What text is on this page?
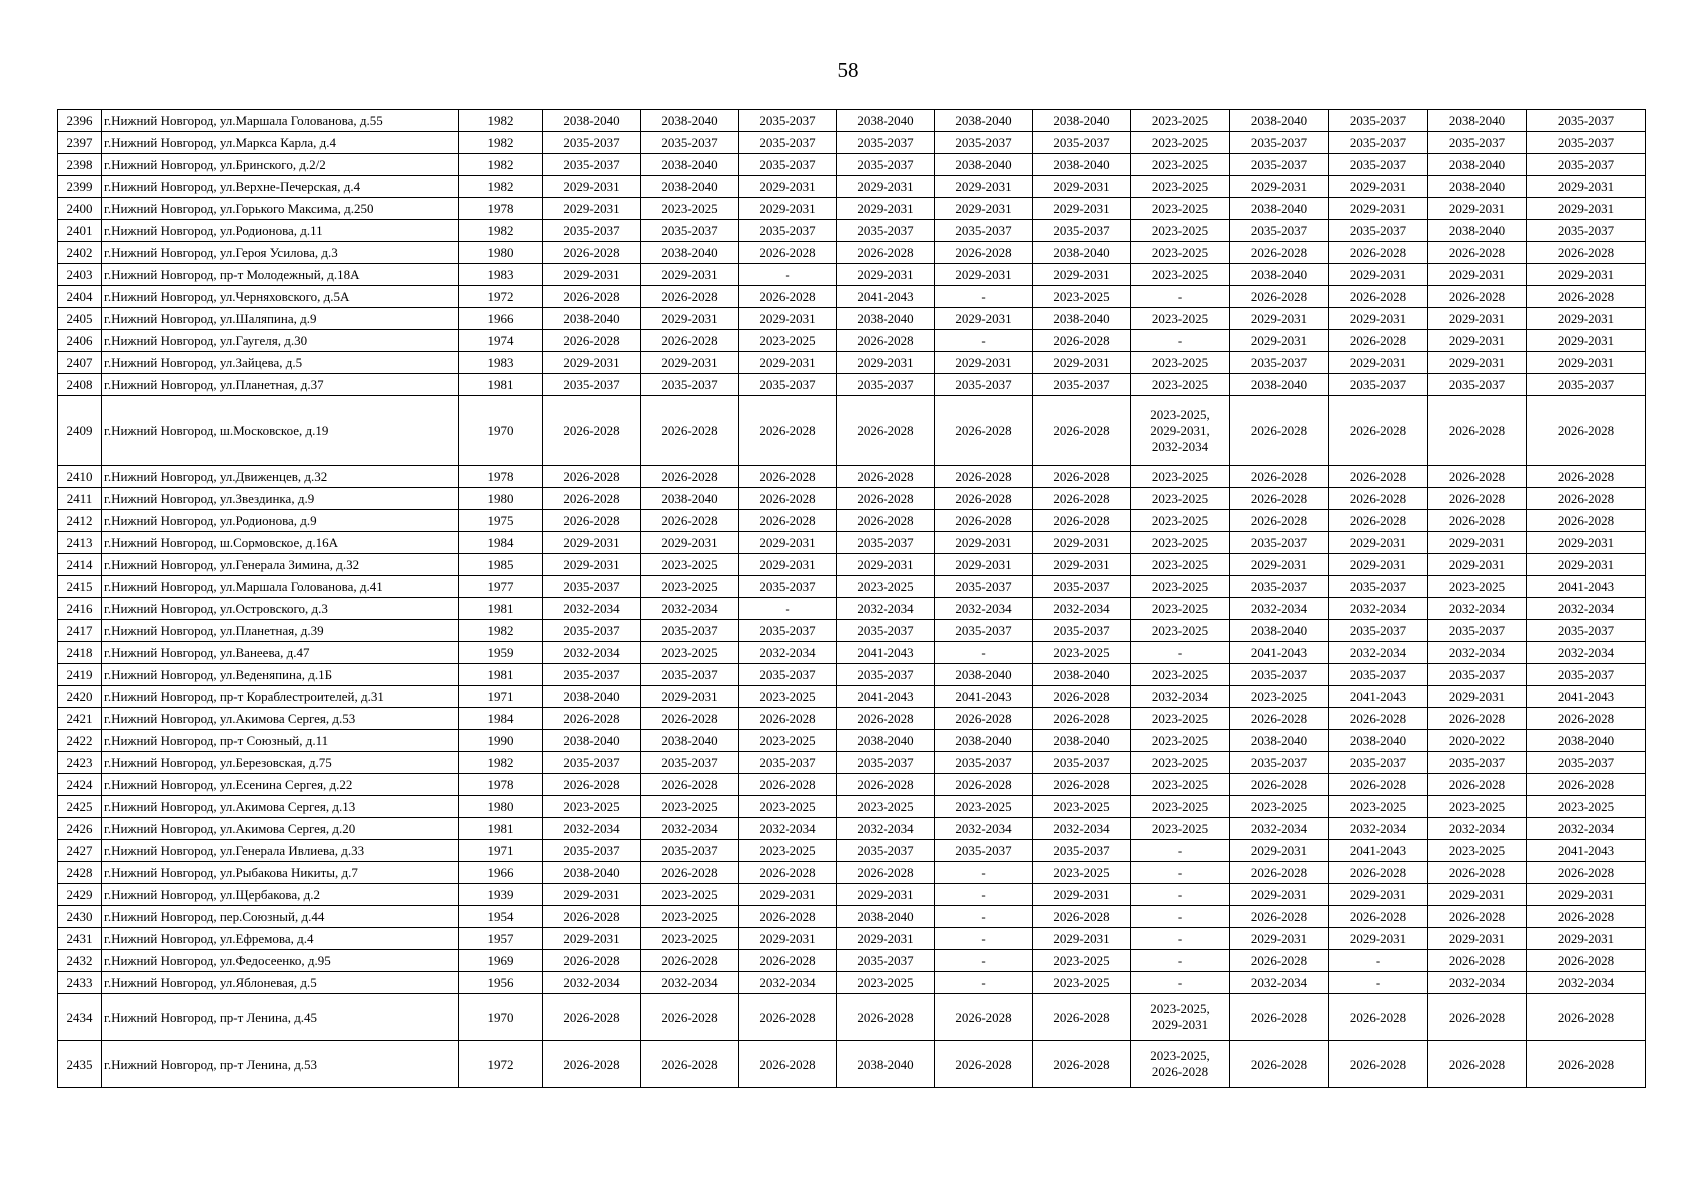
58
2396	г.Нижний Новгород, ул.Маршала Голованова, д.55	1982	2038-2040	2038-2040	2035-2037	2038-2040	2038-2040	2038-2040	2023-2025	2038-2040	2035-2037	2038-2040	2035-2037
2397	г.Нижний Новгород, ул.Маркса Карла, д.4	1982	2035-2037	2035-2037	2035-2037	2035-2037	2035-2037	2035-2037	2023-2025	2035-2037	2035-2037	2035-2037	2035-2037
2398	г.Нижний Новгород, ул.Бринского, д.2/2	1982	2035-2037	2038-2040	2035-2037	2035-2037	2038-2040	2038-2040	2023-2025	2035-2037	2035-2037	2038-2040	2035-2037
2399	г.Нижний Новгород, ул.Верхне-Печерская, д.4	1982	2029-2031	2038-2040	2029-2031	2029-2031	2029-2031	2029-2031	2023-2025	2029-2031	2029-2031	2038-2040	2029-2031
2400	г.Нижний Новгород, ул.Горького Максима, д.250	1978	2029-2031	2023-2025	2029-2031	2029-2031	2029-2031	2029-2031	2023-2025	2038-2040	2029-2031	2029-2031	2029-2031
2401	г.Нижний Новгород, ул.Родионова, д.11	1982	2035-2037	2035-2037	2035-2037	2035-2037	2035-2037	2035-2037	2023-2025	2035-2037	2035-2037	2038-2040	2035-2037
2402	г.Нижний Новгород, ул.Героя Усилова, д.3	1980	2026-2028	2038-2040	2026-2028	2026-2028	2026-2028	2038-2040	2023-2025	2026-2028	2026-2028	2026-2028	2026-2028
2403	г.Нижний Новгород, пр-т Молодежный, д.18А	1983	2029-2031	2029-2031	-	2029-2031	2029-2031	2029-2031	2023-2025	2038-2040	2029-2031	2029-2031	2029-2031
2404	г.Нижний Новгород, ул.Черняховского, д.5А	1972	2026-2028	2026-2028	2026-2028	2041-2043	-	2023-2025	-	2026-2028	2026-2028	2026-2028	2026-2028
2405	г.Нижний Новгород, ул.Шаляпина, д.9	1966	2038-2040	2029-2031	2029-2031	2038-2040	2029-2031	2038-2040	2023-2025	2029-2031	2029-2031	2029-2031	2029-2031
2406	г.Нижний Новгород, ул.Гаугеля, д.30	1974	2026-2028	2026-2028	2023-2025	2026-2028	-	2026-2028	-	2029-2031	2026-2028	2029-2031	2029-2031
2407	г.Нижний Новгород, ул.Зайцева, д.5	1983	2029-2031	2029-2031	2029-2031	2029-2031	2029-2031	2029-2031	2023-2025	2035-2037	2029-2031	2029-2031	2029-2031
2408	г.Нижний Новгород, ул.Планетная, д.37	1981	2035-2037	2035-2037	2035-2037	2035-2037	2035-2037	2035-2037	2023-2025	2038-2040	2035-2037	2035-2037	2035-2037
2409	г.Нижний Новгород, ш.Московское, д.19	1970	2026-2028	2026-2028	2026-2028	2026-2028	2026-2028	2026-2028	2023-2025,
2029-2031,
2032-2034	2026-2028	2026-2028	2026-2028	2026-2028
2410	г.Нижний Новгород, ул.Движенцев, д.32	1978	2026-2028	2026-2028	2026-2028	2026-2028	2026-2028	2026-2028	2023-2025	2026-2028	2026-2028	2026-2028	2026-2028
2411	г.Нижний Новгород, ул.Звездинка, д.9	1980	2026-2028	2038-2040	2026-2028	2026-2028	2026-2028	2026-2028	2023-2025	2026-2028	2026-2028	2026-2028	2026-2028
2412	г.Нижний Новгород, ул.Родионова, д.9	1975	2026-2028	2026-2028	2026-2028	2026-2028	2026-2028	2026-2028	2023-2025	2026-2028	2026-2028	2026-2028	2026-2028
2413	г.Нижний Новгород, ш.Сормовское, д.16А	1984	2029-2031	2029-2031	2029-2031	2035-2037	2029-2031	2029-2031	2023-2025	2035-2037	2029-2031	2029-2031	2029-2031
2414	г.Нижний Новгород, ул.Генерала Зимина, д.32	1985	2029-2031	2023-2025	2029-2031	2029-2031	2029-2031	2029-2031	2023-2025	2029-2031	2029-2031	2029-2031	2029-2031
2415	г.Нижний Новгород, ул.Маршала Голованова, д.41	1977	2035-2037	2023-2025	2035-2037	2023-2025	2035-2037	2035-2037	2023-2025	2035-2037	2035-2037	2023-2025	2041-2043
2416	г.Нижний Новгород, ул.Островского, д.3	1981	2032-2034	2032-2034	-	2032-2034	2032-2034	2032-2034	2023-2025	2032-2034	2032-2034	2032-2034	2032-2034
2417	г.Нижний Новгород, ул.Планетная, д.39	1982	2035-2037	2035-2037	2035-2037	2035-2037	2035-2037	2035-2037	2023-2025	2038-2040	2035-2037	2035-2037	2035-2037
2418	г.Нижний Новгород, ул.Ванеева, д.47	1959	2032-2034	2023-2025	2032-2034	2041-2043	-	2023-2025	-	2041-2043	2032-2034	2032-2034	2032-2034
2419	г.Нижний Новгород, ул.Веденяпина, д.1Б	1981	2035-2037	2035-2037	2035-2037	2035-2037	2038-2040	2038-2040	2023-2025	2035-2037	2035-2037	2035-2037	2035-2037
2420	г.Нижний Новгород, пр-т Кораблестроителей, д.31	1971	2038-2040	2029-2031	2023-2025	2041-2043	2041-2043	2026-2028	2032-2034	2023-2025	2041-2043	2029-2031	2041-2043
2421	г.Нижний Новгород, ул.Акимова Сергея, д.53	1984	2026-2028	2026-2028	2026-2028	2026-2028	2026-2028	2026-2028	2023-2025	2026-2028	2026-2028	2026-2028	2026-2028
2422	г.Нижний Новгород, пр-т Союзный, д.11	1990	2038-2040	2038-2040	2023-2025	2038-2040	2038-2040	2038-2040	2023-2025	2038-2040	2038-2040	2020-2022	2038-2040
2423	г.Нижний Новгород, ул.Березовская, д.75	1982	2035-2037	2035-2037	2035-2037	2035-2037	2035-2037	2035-2037	2023-2025	2035-2037	2035-2037	2035-2037	2035-2037
2424	г.Нижний Новгород, ул.Есенина Сергея, д.22	1978	2026-2028	2026-2028	2026-2028	2026-2028	2026-2028	2026-2028	2023-2025	2026-2028	2026-2028	2026-2028	2026-2028
2425	г.Нижний Новгород, ул.Акимова Сергея, д.13	1980	2023-2025	2023-2025	2023-2025	2023-2025	2023-2025	2023-2025	2023-2025	2023-2025	2023-2025	2023-2025	2023-2025
2426	г.Нижний Новгород, ул.Акимова Сергея, д.20	1981	2032-2034	2032-2034	2032-2034	2032-2034	2032-2034	2032-2034	2023-2025	2032-2034	2032-2034	2032-2034	2032-2034
2427	г.Нижний Новгород, ул.Генерала Ивлиева, д.33	1971	2035-2037	2035-2037	2023-2025	2035-2037	2035-2037	2035-2037	-	2029-2031	2041-2043	2023-2025	2041-2043
2428	г.Нижний Новгород, ул.Рыбакова Никиты, д.7	1966	2038-2040	2026-2028	2026-2028	2026-2028	-	2023-2025	-	2026-2028	2026-2028	2026-2028	2026-2028
2429	г.Нижний Новгород, ул.Щербакова, д.2	1939	2029-2031	2023-2025	2029-2031	2029-2031	-	2029-2031	-	2029-2031	2029-2031	2029-2031	2029-2031
2430	г.Нижний Новгород, пер.Союзный, д.44	1954	2026-2028	2023-2025	2026-2028	2038-2040	-	2026-2028	-	2026-2028	2026-2028	2026-2028	2026-2028
2431	г.Нижний Новгород, ул.Ефремова, д.4	1957	2029-2031	2023-2025	2029-2031	2029-2031	-	2029-2031	-	2029-2031	2029-2031	2029-2031	2029-2031
2432	г.Нижний Новгород, ул.Федосеенко, д.95	1969	2026-2028	2026-2028	2026-2028	2035-2037	-	2023-2025	-	2026-2028	-	2026-2028	2026-2028
2433	г.Нижний Новгород, ул.Яблоневая, д.5	1956	2032-2034	2032-2034	2032-2034	2023-2025	-	2023-2025	-	2032-2034	-	2032-2034	2032-2034
2434	г.Нижний Новгород, пр-т Ленина, д.45	1970	2026-2028	2026-2028	2026-2028	2026-2028	2026-2028	2026-2028	2023-2025,
2029-2031	2026-2028	2026-2028	2026-2028	2026-2028
2435	г.Нижний Новгород, пр-т Ленина, д.53	1972	2026-2028	2026-2028	2026-2028	2038-2040	2026-2028	2026-2028	2023-2025,
2026-2028	2026-2028	2026-2028	2026-2028	2026-2028
